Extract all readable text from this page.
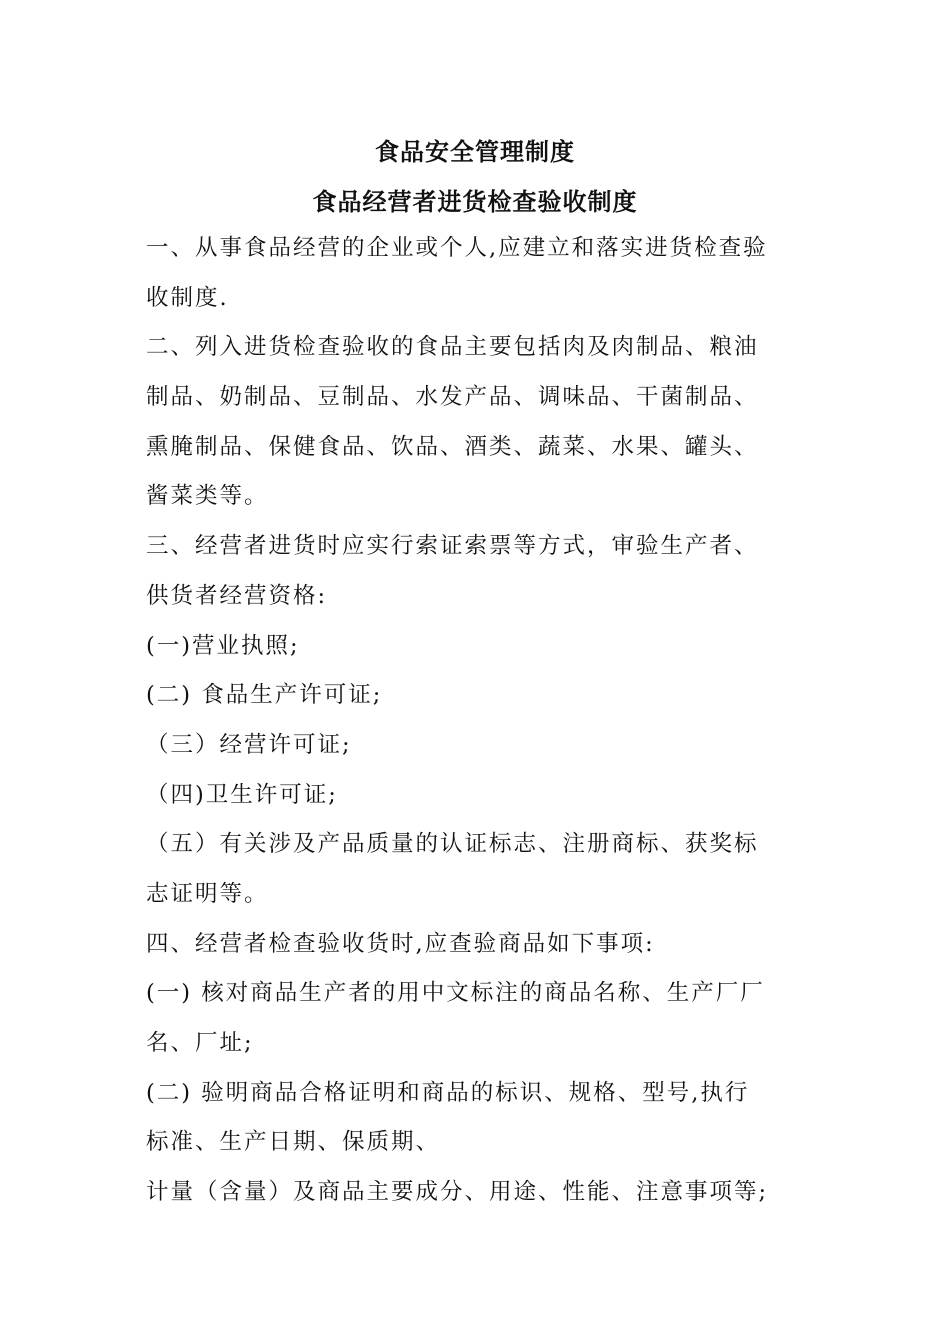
食品安全管理制度
食品经营者进货检查验收制度
一、从事食品经营的企业或个人,应建立和落实进货检查验
收制度.
二、列入进货检查验收的食品主要包括肉及肉制品、粮油
制品、奶制品、豆制品、水发产品、调味品、干菌制品、
熏腌制品、保健食品、饮品、酒类、蔬菜、水果、罐头、
酱菜类等。
三、经营者进货时应实行索证索票等方式，审验生产者、
供货者经营资格:
(一)营业执照;
(二) 食品生产许可证;
（三）经营许可证;
（四)卫生许可证;
（五）有关涉及产品质量的认证标志、注册商标、获奖标
志证明等。
四、经营者检查验收货时,应查验商品如下事项:
(一) 核对商品生产者的用中文标注的商品名称、生产厂厂
名、厂址;
(二) 验明商品合格证明和商品的标识、规格、型号,执行
标准、生产日期、保质期、
计量（含量）及商品主要成分、用途、性能、注意事项等;
